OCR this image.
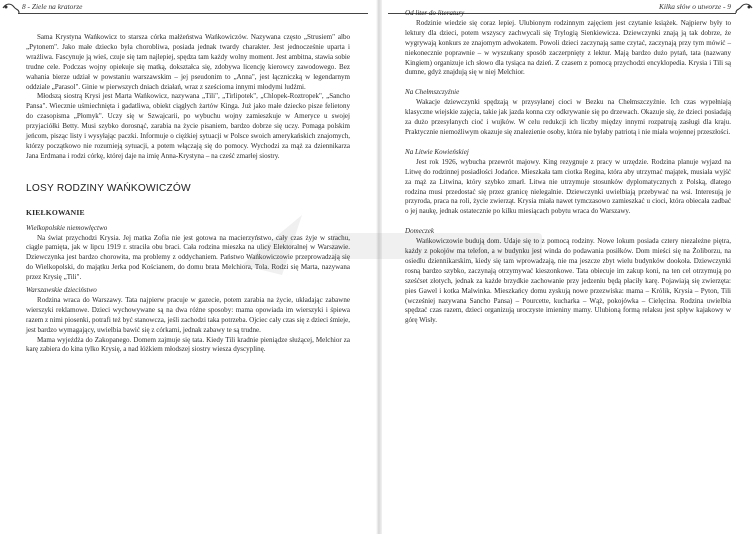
8 - Ziele na kratorze	Kilka słów o utworze - 9

Sama Krystyna Wańkowicz to starsza córka małżeństwa Wańkowiczów. Nazywana często „Strusiem" albo „Pytonem". Jako małe dziecko była chorobliwa, posiada jednak twardy charakter. Jest jednocześnie uparta i wrażliwa. Fascynuje ją wieś, czuje się tam najlepiej, spędza tam każdy wolny moment. Jest ambitna, stawia sobie trudne cele. Podczas wojny opiekuje się matką, dokształca się, zdobywa licencję kierowcy zawodowego. Bez wahania bierze udział w powstaniu warszawskim – jej pseudonim to „Anna", jest łączniczką w legendarnym oddziale „Parasol". Ginie w pierwszych dniach działań, wraz z sześcioma innymi młodymi ludźmi.

Młodszą siostrą Krysi jest Marta Wańkowicz, nazywana „Tili", „Tirlipotek", „Chlopek-Roztropek", „Sancho Pansa". Wiecznie uśmiechnięta i gadatliwa, obiekt ciągłych żartów Kinga. Już jako małe dziecko pisze felietony do czasopisma „Płomyk". Uczy się w Szwajcarii, po wybuchu wojny zamieszkuje w Ameryce u swojej przyjaciółki Betty. Musi szybko dorosnąć, zarabia na życie pisaniem, bardzo dobrze się uczy. Pomaga polskim jeńcom, pisząc listy i wysyłając paczki. Informuje o ciężkiej sytuacji w Polsce swoich amerykańskich znajomych, którzy początkowo nie rozumieją sytuacji, a potem włączają się do pomocy. Wychodzi za mąż za dziennikarza Jana Erdmana i rodzi córkę, której daje na imię Anna-Krystyna – na cześć zmarłej siostry.

LOSY RODZINY WAŃKOWICZÓW
KIEŁKOWANIE

Wielkopolskie niemowlęctwo

Na świat przychodzi Krysia. Jej matka Zofia nie jest gotowa na macierzyństwo, cały czas żyje w strachu, ciągle pamięta, jak w lipcu 1919 r. straciła obu braci. Cała rodzina mieszka na ulicy Elektoralnej w Warszawie. Dziewczynka jest bardzo chorowita, ma problemy z oddychaniem. Państwo Wańkowiczowie przeprowadzają się do Wielkopolski, do majątku Jerka pod Kościanem, do domu brata Melchiora, Tola. Rodzi się Marta, nazywana przez Krysię „Tili".

Warszawskie dzieciństwo

Rodzina wraca do Warszawy. Tata najpierw pracuje w gazecie, potem zarabia na życie, układając zabawne wierszyki reklamowe. Dzieci wychowywane są na dwa różne sposoby: mama opowiada im wierszyki i śpiewa razem z nimi piosenki, potrafi też być stanowcza, jeśli zachodzi taka potrzeba. Ojciec cały czas się z dzieci śmieje, jest bardzo wymagający, uwielbia bawić się z córkami, jednak zabawy te są trudne.

Mama wyjeżdża do Zakopanego. Domem zajmuje się tata. Kiedy Tili kradnie pieniądze służącej, Melchior za karę zabiera do kina tylko Krysię, a nad łóżkiem młodszej siostry wiesza dyscyplinę.

Od liter do literatury

Rodzinie wiedzie się coraz lepiej. Ulubionym rodzinnym zajęciem jest czytanie książek. Najpierw były to lektury dla dzieci, potem wszyscy zachwycali się Trylogią Sienkiewicza. Dziewczynki znają ją tak dobrze, że wygrywają konkurs ze znajomym adwokatem. Powoli dzieci zaczynają same czytać, zaczynają przy tym mówić – niekonecznie poprawnie – w wyszukany sposób zaczerpnięty z lektur. Mają bardzo dużo pytań, tata (nazwany Kingiem) organizuje ich słowo dla tysiąca na dzień. Z czasem z pomocą przychodzi encyklopedia. Krysia i Tili są dumne, gdyż znajdują się w niej Melchior.

Na Chełmszczyźnie

Wakacje dziewczynki spędzają w przysyłanej cioci w Bezku na Chełmszczyźnie. Ich czas wypełniają klasyczne wiejskie zajęcia, takie jak jazda konna czy odkrywanie się po drzewach. Okazuje się, że dzieci posiadają za dużo przesyłanych cioć i wujków. W celu redukcji ich liczby między innymi rozpatrują zasługi dla kraju. Praktycznie niemożliwym okazuje się znalezienie osoby, która nie byłaby patriotą i nie miała wojennej przeszłości.

Na Litwie Kowieńskiej

Jest rok 1926, wybucha przewrót majowy. King rezygnuje z pracy w urzędzie. Rodzina planuje wyjazd na Litwę do rodzinnej posiadłości Jodańce. Mieszkała tam ciotka Regina, która aby utrzymać majątek, musiała wyjść za mąż za Litwina, który szybko zmarł. Litwa nie utrzymuje stosunków dyplomatycznych z Polską, dlatego rodzina musi przedostać się przez granicę nielegalnie. Dziewczynki uwielbiają przebywać na wsi. Interesują je przyroda, praca na roli, życie zwierząt. Krysia miała nawet tymczasowo zamieszkać u cioci, która obiecała zadbać o jej naukę, jednak ostatecznie po kilku miesiącach pobytu wraca do Warszawy.

Domeczek

Wańkowiczowie budują dom. Udaje się to z pomocą rodziny. Nowe lokum posiada cztery niezależne piętra, każdy z pokojów ma telefon, a w budynku jest winda do podawania posiłków. Dom mieści się na Żoliborzu, na osiedlu dziennikarskim, kiedy się tam wprowadzają, nie ma jeszcze zbyt wielu budynków dookoła. Dziewczynki rosną bardzo szybko, zaczynają otrzymywać kieszonkowe. Tata obiecuje im zakup koni, na ten cel otrzymują po sześćset złotych, jednak za każde brzydkie zachowanie przy jedzeniu będą płaciły karę. Pojawiają się zwierzęta: pies Gawel i kotka Malwinka. Mieszkańcy domu zyskują nowe przezwiska: mama – Królik, Krysia – Pyton, Tili (wcześniej nazywana Sancho Pansa) – Pourcette, kucharka – Wąż, pokojówka – Cielęcina. Rodzina uwielbia spędzać czas razem, dzieci organizują uroczyste imieniny mamy. Ulubioną formą relaksu jest spływ kajakowy w górę Wisły.
